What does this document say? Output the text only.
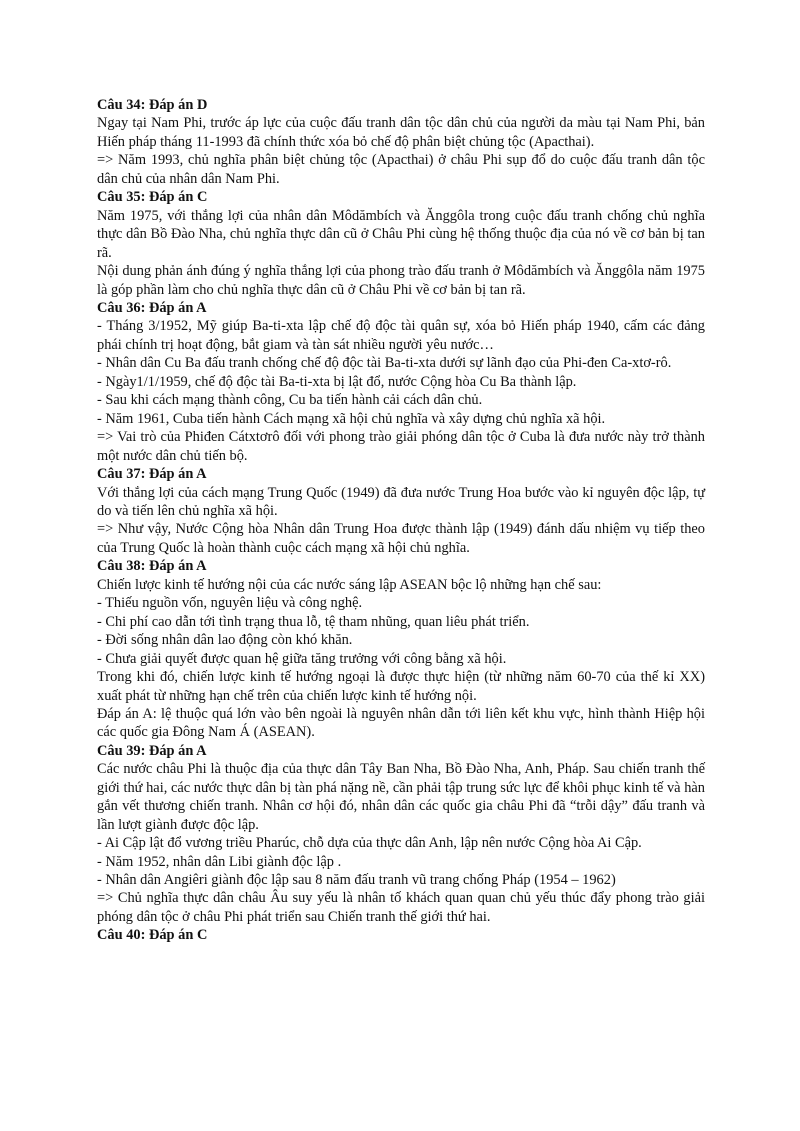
Câu 34: Đáp án D

Ngay tại Nam Phi, trước áp lực của cuộc đấu tranh dân tộc dân chủ của người da màu tại Nam Phi, bản Hiến pháp tháng 11-1993 đã chính thức xóa bỏ chế độ phân biệt chủng tộc (Apacthai).

=> Năm 1993, chủ nghĩa phân biệt chủng tộc (Apacthai) ở châu Phi sụp đổ do cuộc đấu tranh dân tộc dân chủ của nhân dân Nam Phi.

Câu 35: Đáp án C

Năm 1975, với thắng lợi của nhân dân Môdămbích và Ănggôla trong cuộc đấu tranh chống chủ nghĩa thực dân Bồ Đào Nha, chủ nghĩa thực dân cũ ở Châu Phi cùng hệ thống thuộc địa của nó về cơ bản bị tan rã.

Nội dung phản ánh đúng ý nghĩa thắng lợi của phong trào đấu tranh ở Môdămbích và Ănggôla năm 1975 là góp phần làm cho chủ nghĩa thực dân cũ ở Châu Phi về cơ bản bị tan rã.

Câu 36: Đáp án A

- Tháng 3/1952, Mỹ giúp Ba-ti-xta lập chế độ độc tài quân sự, xóa bỏ Hiến pháp 1940, cấm các đảng phái chính trị hoạt động, bắt giam và tàn sát nhiều người yêu nước…

- Nhân dân Cu Ba đấu tranh chống chế độ độc tài Ba-ti-xta dưới sự lãnh đạo của Phi-đen Ca-xtơ-rô.

- Ngày1/1/1959, chế độ độc tài Ba-ti-xta bị lật đổ, nước Cộng hòa Cu Ba thành lập.

- Sau khi cách mạng thành công, Cu ba tiến hành cải cách dân chủ.

- Năm 1961, Cuba tiến hành Cách mạng xã hội chủ nghĩa và xây dựng chủ nghĩa xã hội.

=> Vai trò của Phiđen Cátxtơrô đối với phong trào giải phóng dân tộc ở Cuba là đưa nước này trở thành một nước dân chủ tiến bộ.

Câu 37: Đáp án A

Với thắng lợi của cách mạng Trung Quốc (1949) đã đưa nước Trung Hoa bước vào kỉ nguyên độc lập, tự do và tiến lên chủ nghĩa xã hội.

=> Như vậy, Nước Cộng hòa Nhân dân Trung Hoa được thành lập (1949) đánh dấu nhiệm vụ tiếp theo của Trung Quốc là hoàn thành cuộc cách mạng xã hội chủ nghĩa.

Câu 38: Đáp án A

Chiến lược kinh tế hướng nội của các nước sáng lập ASEAN bộc lộ những hạn chế sau:

- Thiếu nguồn vốn, nguyên liệu và công nghệ.

- Chi phí cao dẫn tới tình trạng thua lỗ, tệ tham nhũng, quan liêu phát triển.

- Đời sống nhân dân lao động còn khó khăn.

- Chưa giải quyết được quan hệ giữa tăng trưởng với công bằng xã hội.

Trong khi đó, chiến lược kinh tế hướng ngoại là được thực hiện (từ những năm 60-70 của thế kỉ XX) xuất phát từ những hạn chế trên của chiến lược kinh tế hướng nội.

Đáp án A: lệ thuộc quá lớn vào bên ngoài là nguyên nhân dẫn tới liên kết khu vực, hình thành Hiệp hội các quốc gia Đông Nam Á (ASEAN).

Câu 39: Đáp án A

Các nước châu Phi là thuộc địa của thực dân Tây Ban Nha, Bồ Đào Nha, Anh, Pháp. Sau chiến tranh thế giới thứ hai, các nước thực dân bị tàn phá nặng nề, cần phải tập trung sức lực để khôi phục kinh tế và hàn gắn vết thương chiến tranh. Nhân cơ hội đó, nhân dân các quốc gia châu Phi đã “trỗi dậy” đấu tranh và lần lượt giành được độc lập.

- Ai Cập lật đổ vương triều Pharúc, chỗ dựa của thực dân Anh, lập nên nước Cộng hòa Ai Cập.

- Năm 1952, nhân dân Libi giành độc lập .

- Nhân dân Angiêri giành độc lập sau 8 năm đấu tranh vũ trang chống Pháp (1954 – 1962)

=> Chủ nghĩa thực dân châu Âu suy yếu là nhân tố khách quan quan chủ yếu thúc đẩy phong trào giải phóng dân tộc ở châu Phi phát triển sau Chiến tranh thế giới thứ hai.

Câu 40: Đáp án C
